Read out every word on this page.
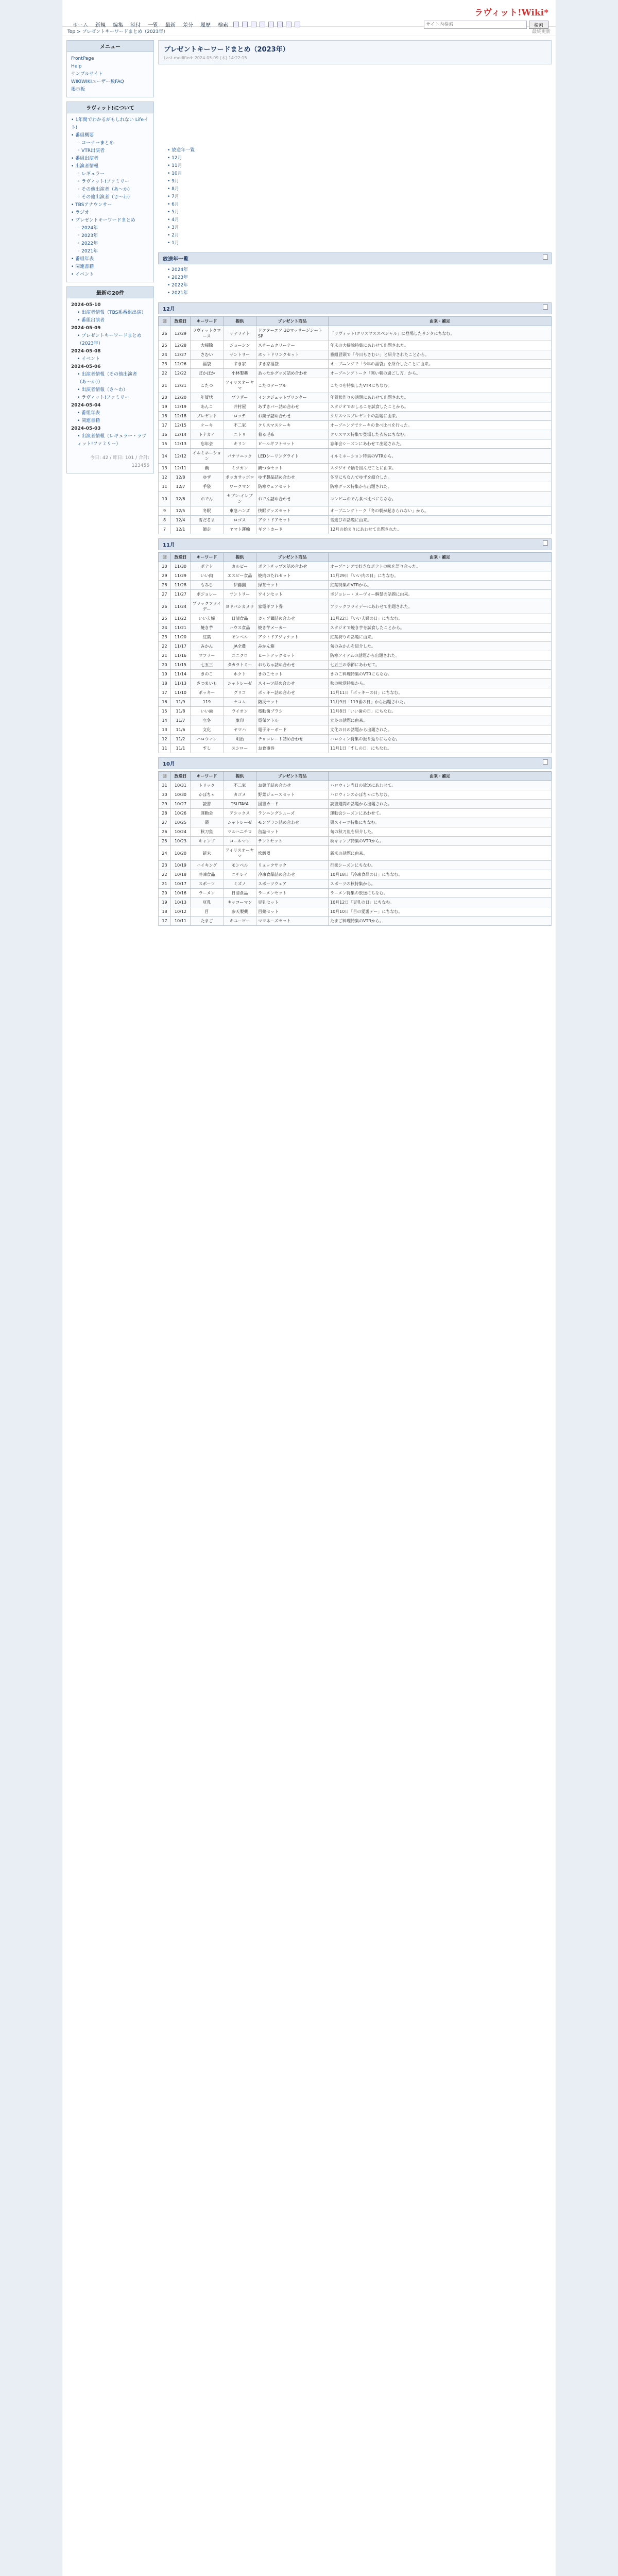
ラヴィット!Wiki*
ホーム	新規	編集	添付	一覧	最新	差分	履歴	検索
サイト内検索	検索
Top > プレゼントキーワードまとめ（2023年）	最終更新
メニュー
FrontPage
Help
サンプルサイト
WIKIWIKIユーザー数FAQ
掲示板
ラヴィット!について
• 1年間でわかるがもしれない Lifeイト!
• 番組概要
◦ コーナーまとめ
◦ VTR出演者
• 番組出演者
• 出演者情報
◦ レギュラー
◦ ラヴィット!ファミリー
◦ その他出演者（あ〜か）
◦ その他出演者（さ〜わ）
• TBSアナウンサー
• ラジオ
• プレゼントキーワードまとめ
◦ 2024年
◦ 2023年
◦ 2022年
◦ 2021年
• 番組年表
• 関連書籍
• イベント
最新の20件
2024-05-10
• 出演者情報（TBS系番組出演）
• 番組出演者
2024-05-09
• プレゼントキーワードまとめ（2023年）
2024-05-08
• イベント
2024-05-06
• 出演者情報（その他出演者（あ〜か））
• 出演者情報（さ〜わ）
• ラヴィット!ファミリー
2024-05-04
• 番組年表
• 関連書籍
2024-05-03
• 出演者情報（レギュラー・ラヴィット!ファミリー）
今日: 42 / 昨日: 101 / 合計: 123456
プレゼントキーワードまとめ（2023年）
Last-modified: 2024-05-09 (木) 14:22:15
• 放送年一覧
• 12月
• 11月
• 10月
• 9月
• 8月
• 7月
• 6月
• 5月
• 4月
• 3月
• 2月
• 1月
放送年一覧
• 2024年
• 2023年
• 2022年
• 2021年
12月
回	放送日	キーワード	提供	プレゼント商品	由来・補足
26	12/29	ラヴィットクロース	サテライト	ドクターエア 3DマッサージシートSP	「ラヴィット!クリスマススペシャル」に登場したサンタにちなむ。
25	12/28	大掃除	ジョーシン	スチームクリーナー	年末の大掃除特集にあわせて出題された。
24	12/27	さむい	サントリー	ホットドリンクセット	番組冒頭で「今日もさむい」と紹介されたことから。
23	12/26	福袋	すき家	すき家福袋	オープニングで「今年の福袋」を紹介したことに由来。
22	12/22	ぽかぽか	小林製薬	あったかグッズ詰め合わせ	オープニングトーク「寒い朝の過ごし方」から。
21	12/21	こたつ	アイリスオーヤマ	こたつテーブル	こたつを特集したVTRにちなむ。
20	12/20	年賀状	ブラザー	インクジェットプリンター	年賀状作りの話題にあわせて出題された。
19	12/19	あんこ	井村屋	あずきバー詰め合わせ	スタジオでおしるこを試食したことから。
18	12/18	プレゼント	ロッテ	お菓子詰め合わせ	クリスマスプレゼントの話題に由来。
17	12/15	ケーキ	不二家	クリスマスケーキ	オープニングでケーキの食べ比べを行った。
16	12/14	トナカイ	ニトリ	着る毛布	クリスマス特集で登場した衣装にちなむ。
15	12/13	忘年会	キリン	ビールギフトセット	忘年会シーズンにあわせて出題された。
14	12/12	イルミネーション	パナソニック	LEDシーリングライト	イルミネーション特集のVTRから。
13	12/11	鍋	ミツカン	鍋つゆセット	スタジオで鍋を囲んだことに由来。
12	12/8	ゆず	ポッカサッポロ	ゆず製品詰め合わせ	冬至にちなんでゆずを紹介した。
11	12/7	手袋	ワークマン	防寒ウェアセット	防寒グッズ特集から出題された。
10	12/6	おでん	セブン-イレブン	おでん詰め合わせ	コンビニおでん食べ比べにちなむ。
9	12/5	冬眠	東急ハンズ	快眠グッズセット	オープニングトーク「冬の朝が起きられない」から。
8	12/4	雪だるま	ロゴス	アウトドアセット	雪遊びの話題に由来。
7	12/1	師走	ヤマト運輸	ギフトカード	12月の始まりにあわせて出題された。
11月
回	放送日	キーワード	提供	プレゼント商品	由来・補足
30	11/30	ポテト	カルビー	ポテトチップス詰め合わせ	オープニングで好きなポテトの味を語り合った。
29	11/29	いい肉	エスビー食品	焼肉のたれセット	11月29日「いい肉の日」にちなむ。
28	11/28	もみじ	伊藤園	緑茶セット	紅葉特集のVTRから。
27	11/27	ボジョレー	サントリー	ワインセット	ボジョレー・ヌーヴォー解禁の話題に由来。
26	11/24	ブラックフライデー	ヨドバシカメラ	家電ギフト券	ブラックフライデーにあわせて出題された。
25	11/22	いい夫婦	日清食品	カップ麺詰め合わせ	11月22日「いい夫婦の日」にちなむ。
24	11/21	焼き芋	ハウス食品	焼き芋メーカー	スタジオで焼き芋を試食したことから。
23	11/20	紅葉	モンベル	アウトドアジャケット	紅葉狩りの話題に由来。
22	11/17	みかん	JA全農	みかん箱	旬のみかんを紹介した。
21	11/16	マフラー	ユニクロ	ヒートテックセット	防寒アイテムの話題から出題された。
20	11/15	七五三	タカラトミー	おもちゃ詰め合わせ	七五三の季節にあわせて。
19	11/14	きのこ	ホクト	きのこセット	きのこ料理特集のVTRにちなむ。
18	11/13	さつまいも	シャトレーゼ	スイーツ詰め合わせ	秋の味覚特集から。
17	11/10	ポッキー	グリコ	ポッキー詰め合わせ	11月11日「ポッキーの日」にちなむ。
16	11/9	119	セコム	防災セット	11月9日「119番の日」から出題された。
15	11/8	いい歯	ライオン	電動歯ブラシ	11月8日「いい歯の日」にちなむ。
14	11/7	立冬	象印	電気ケトル	立冬の話題に由来。
13	11/6	文化	ヤマハ	電子キーボード	文化の日の話題から出題された。
12	11/2	ハロウィン	明治	チョコレート詰め合わせ	ハロウィン特集の振り返りにちなむ。
11	11/1	すし	スシロー	お食事券	11月1日「すしの日」にちなむ。
10月
回	放送日	キーワード	提供	プレゼント商品	由来・補足
31	10/31	トリック	不二家	お菓子詰め合わせ	ハロウィン当日の放送にあわせて。
30	10/30	かぼちゃ	カゴメ	野菜ジュースセット	ハロウィンのかぼちゃにちなむ。
29	10/27	読書	TSUTAYA	図書カード	読書週間の話題から出題された。
28	10/26	運動会	アシックス	ランニングシューズ	運動会シーズンにあわせて。
27	10/25	栗	シャトレーゼ	モンブラン詰め合わせ	栗スイーツ特集にちなむ。
26	10/24	秋刀魚	マルハニチロ	缶詰セット	旬の秋刀魚を紹介した。
25	10/23	キャンプ	コールマン	テントセット	秋キャンプ特集のVTRから。
24	10/20	新米	アイリスオーヤマ	炊飯器	新米の話題に由来。
23	10/19	ハイキング	モンベル	リュックサック	行楽シーズンにちなむ。
22	10/18	冷凍食品	ニチレイ	冷凍食品詰め合わせ	10月18日「冷凍食品の日」にちなむ。
21	10/17	スポーツ	ミズノ	スポーツウェア	スポーツの秋特集から。
20	10/16	ラーメン	日清食品	ラーメンセット	ラーメン特集の放送にちなむ。
19	10/13	豆乳	キッコーマン	豆乳セット	10月12日「豆乳の日」にちなむ。
18	10/12	目	参天製薬	目薬セット	10月10日「目の愛護デー」にちなむ。
17	10/11	たまご	キユーピー	マヨネーズセット	たまご料理特集のVTRから。
